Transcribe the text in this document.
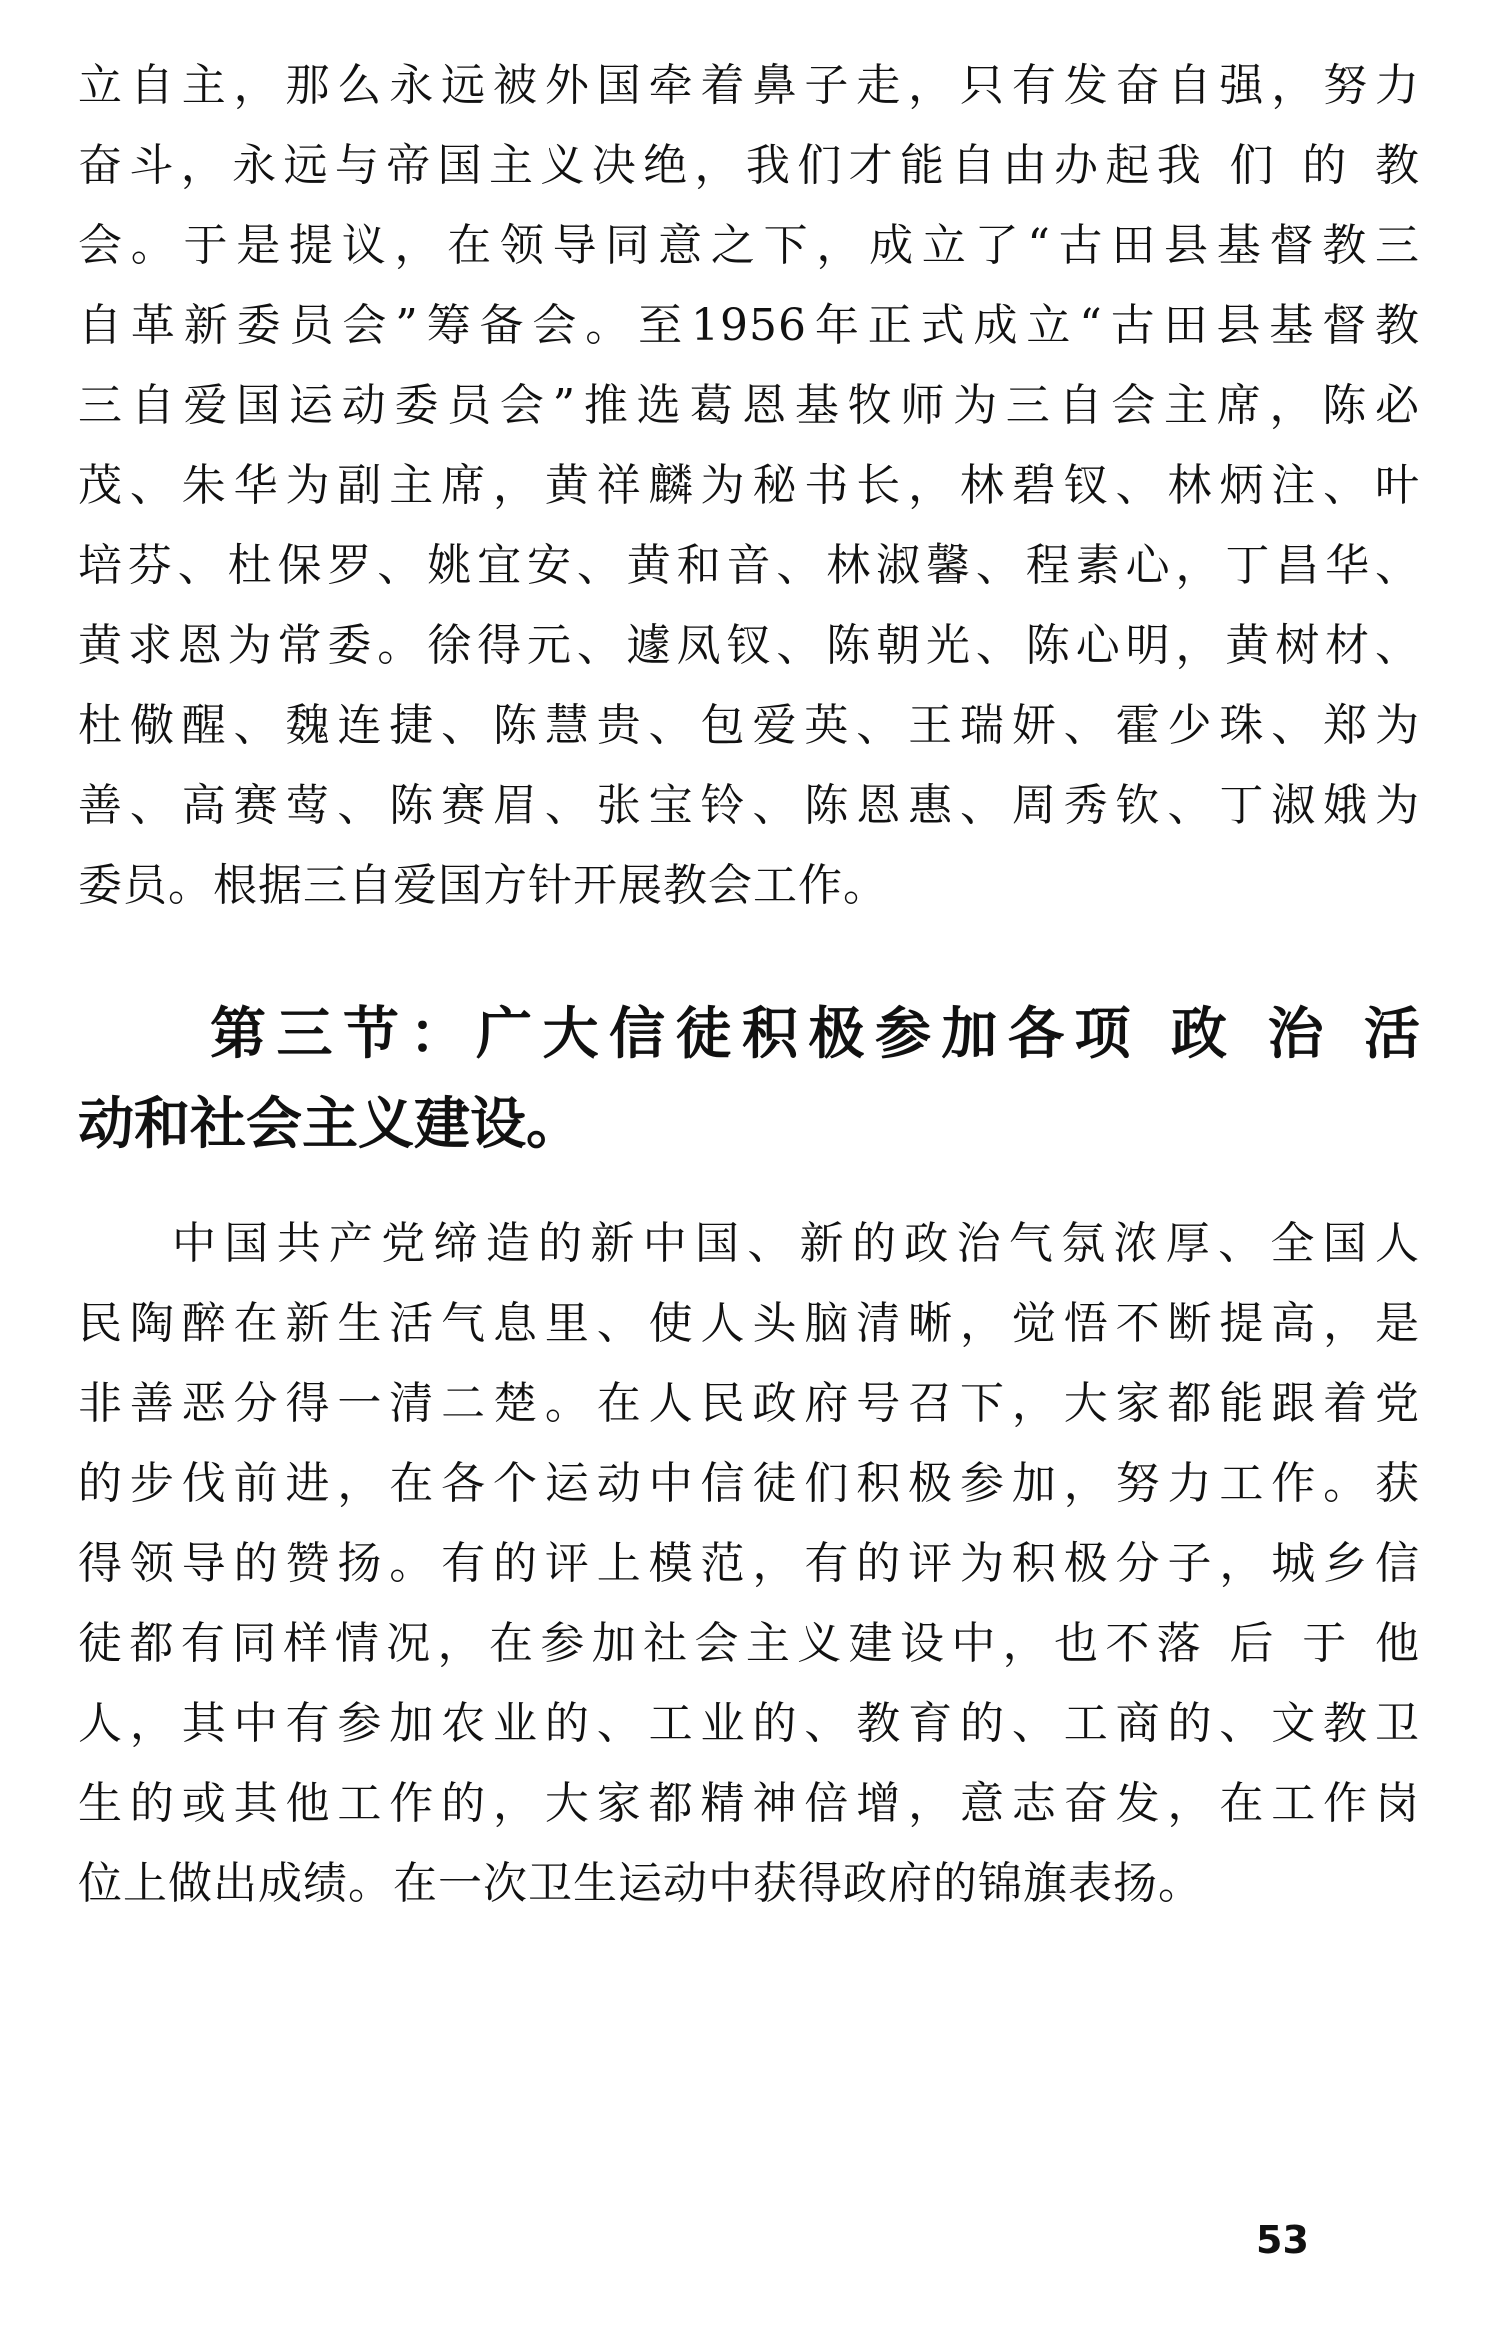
立自主，那么永远被外国牵着鼻子走，只有发奋自强，努力

奋斗，永远与帝国主义决绝，我们才能自由办起我 们 的 教

会。于是提议，在领导同意之下，成立了“古田县基督教三

自革新委员会”筹备会。至1956年正式成立“古田县基督教

三自爱国运动委员会”推选葛恩基牧师为三自会主席，陈必

茂、朱华为副主席，黄祥麟为秘书长，林碧钗、林炳注、叶

培芬、杜保罗、姚宜安、黄和音、林淑馨、程素心，丁昌华、

黄求恩为常委。徐得元、遽凤钗、陈朝光、陈心明，黄树材、

杜儆醒、魏连捷、陈慧贵、包爱英、王瑞妍、霍少珠、郑为

善、高赛莺、陈赛眉、张宝铃、陈恩惠、周秀钦、丁淑娥为

委员。根据三自爱国方针开展教会工作。

第三节：广大信徒积极参加各项 政 治 活

动和社会主义建设。

中国共产党缔造的新中国、新的政治气氛浓厚、全国人

民陶醉在新生活气息里、使人头脑清晰，觉悟不断提高，是

非善恶分得一清二楚。在人民政府号召下，大家都能跟着党

的步伐前进，在各个运动中信徒们积极参加，努力工作。获

得领导的赞扬。有的评上模范，有的评为积极分子，城乡信

徒都有同样情况，在参加社会主义建设中，也不落 后 于 他

人，其中有参加农业的、工业的、教育的、工商的、文教卫

生的或其他工作的，大家都精神倍增，意志奋发，在工作岗

位上做出成绩。在一次卫生运动中获得政府的锦旗表扬。

53
